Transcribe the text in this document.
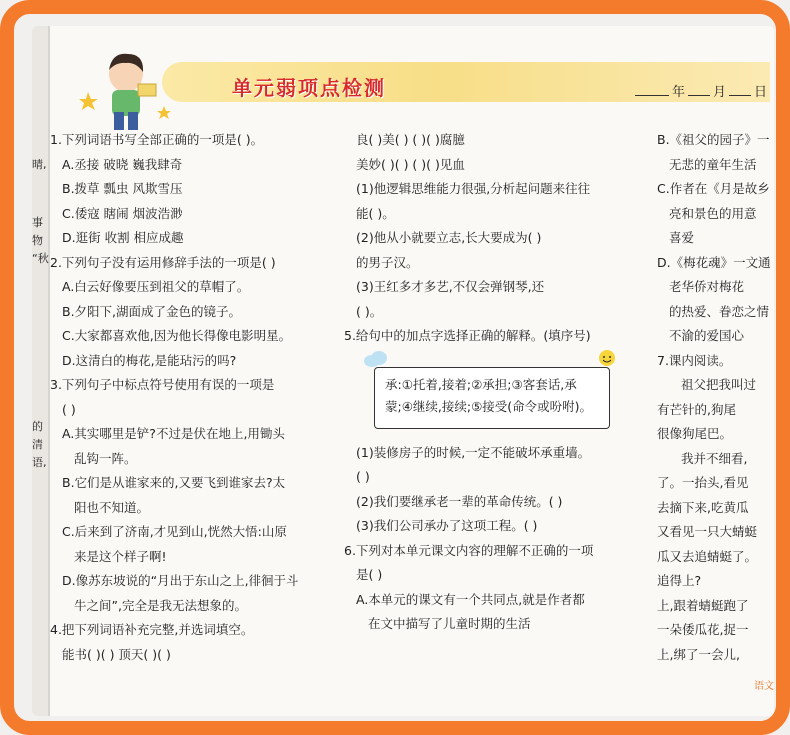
晴,

事物

“秋

的

清

语,

单元弱项点检测	年 月 日

1.下列词语书写全部正确的一项是( )。

A.丞接 破晓 巍我肆奇

B.拨草 瓢虫 风欺雪压

C.倭寇 瞎闹 烟波浩渺

D.逛街 收割 相应成趣

2.下列句子没有运用修辞手法的一项是( )

A.白云好像要压到祖父的草帽了。

B.夕阳下,湖面成了金色的镜子。

C.大家都喜欢他,因为他长得像电影明星。

D.这清白的梅花,是能玷污的吗?

3.下列句子中标点符号使用有误的一项是

( )

A.其实哪里是铲?不过是伏在地上,用锄头

乱钩一阵。

B.它们是从谁家来的,又要飞到谁家去?太

阳也不知道。

C.后来到了济南,才见到山,恍然大悟:山原

来是这个样子啊!

D.像苏东坡说的“月出于东山之上,徘徊于斗

牛之间”,完全是我无法想象的。

4.把下列词语补充完整,并选词填空。

能书( )( ) 顶天( )( )

良( )美( ) ( )( )腐臆

美妙( )( ) ( )( )见血

(1)他逻辑思维能力很强,分析起问题来往往

能( )。

(2)他从小就要立志,长大要成为( )

的男子汉。

(3)王红多才多艺,不仅会弹钢琴,还

( )。

5.给句中的加点字选择正确的解释。(填序号)

承:①托着,接着;②承担;③客套话,承蒙;④继续,接续;⑤接受(命令或吩咐)。

(1)装修房子的时候,一定不能破坏承重墙。

( )

(2)我们要继承老一辈的革命传统。( )

(3)我们公司承办了这项工程。( )

6.下列对本单元课文内容的理解不正确的一项

是( )

A.本单元的课文有一个共同点,就是作者都

在文中描写了儿童时期的生活

B.《祖父的园子》一

无悲的童年生活

C.作者在《月是故乡

亮和景色的用意

喜爱

D.《梅花魂》一文通

老华侨对梅花

的热爱、眷恋之情

不渝的爱国心

7.课内阅读。

祖父把我叫过

有芒针的,狗尾

很像狗尾巴。

我并不细看,

了。一抬头,看见

去摘下来,吃黄瓜

又看见一只大蜻蜓

瓜又去追蜻蜓了。

追得上?

上,跟着蜻蜓跑了

一朵倭瓜花,捉一

上,绑了一会儿,

语文
